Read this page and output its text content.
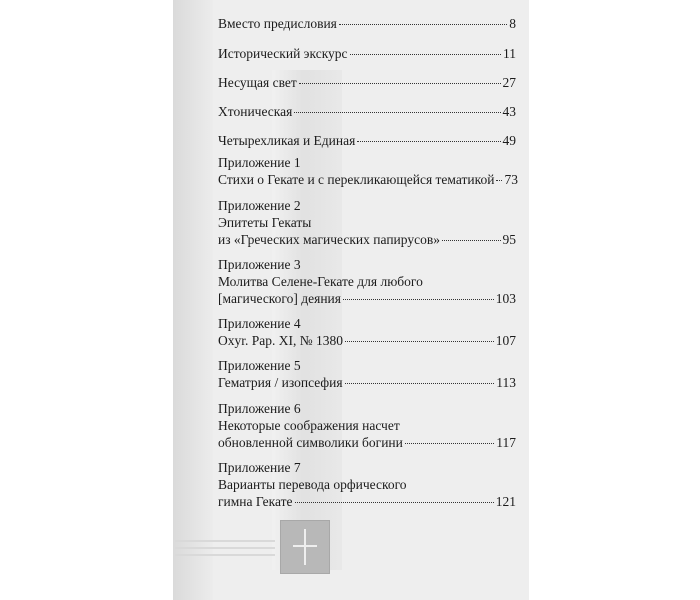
Вместо предисловия	8
Исторический экскурс	11
Несущая свет	27
Хтоническая	43
Четырехликая и Единая	49
Приложение 1
Стихи о Гекате и с перекликающейся тематикой 73
Приложение 2
Эпитеты Гекаты
из «Греческих магических папирусов»	95
Приложение 3
Молитва Селене-Гекате для любого
[магического] деяния	103
Приложение 4
Oxyr. Pap. XI, № 1380	107
Приложение 5
Гематрия / изопсефия	113
Приложение 6
Некоторые соображения насчет
обновленной символики богини	117
Приложение 7
Варианты перевода орфического
гимна Гекате	121
